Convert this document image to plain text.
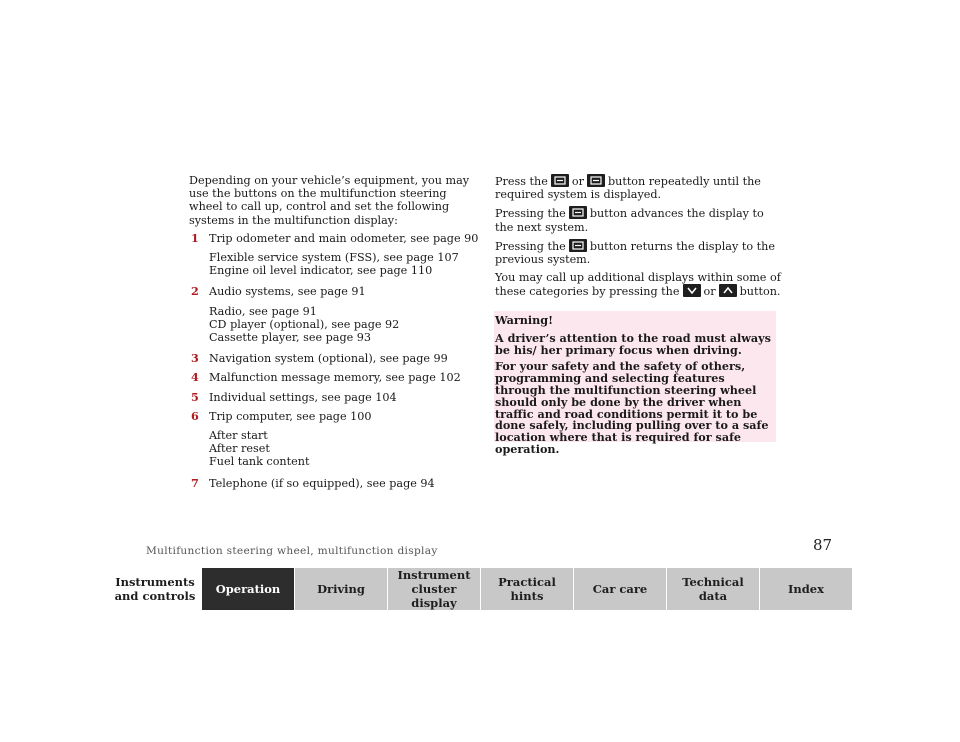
Depending on your vehicle’s equipment, you may use the buttons on the multifunction steering wheel to call up, control and set the following systems in the multifunction display:
1 Trip odometer and main odometer, see page 90
Flexible service system (FSS), see page 107
Engine oil level indicator, see page 110
2 Audio systems, see page 91
Radio, see page 91
CD player (optional), see page 92
Cassette player, see page 93
3 Navigation system (optional), see page 99
4 Malfunction message memory, see page 102
5 Individual settings, see page 104
6 Trip computer, see page 100
After start
After reset
Fuel tank content
7 Telephone (if so equipped), see page 94
Press the or button repeatedly until the required system is displayed.
Pressing the button advances the display to the next system.
Pressing the button returns the display to the previous system.
You may call up additional displays within some of these categories by pressing the or button.
Warning!
A driver’s attention to the road must always be his/ her primary focus when driving.
For your safety and the safety of others, programming and selecting features through the multifunction steering wheel should only be done by the driver when traffic and road conditions permit it to be done safely, including pulling over to a safe location where that is required for safe operation.
Multifunction steering wheel, multifunction display	87
Instruments
and controls	Operation	Driving
Instrument
cluster display
Practical hints	Car care	Technical
data	Index
